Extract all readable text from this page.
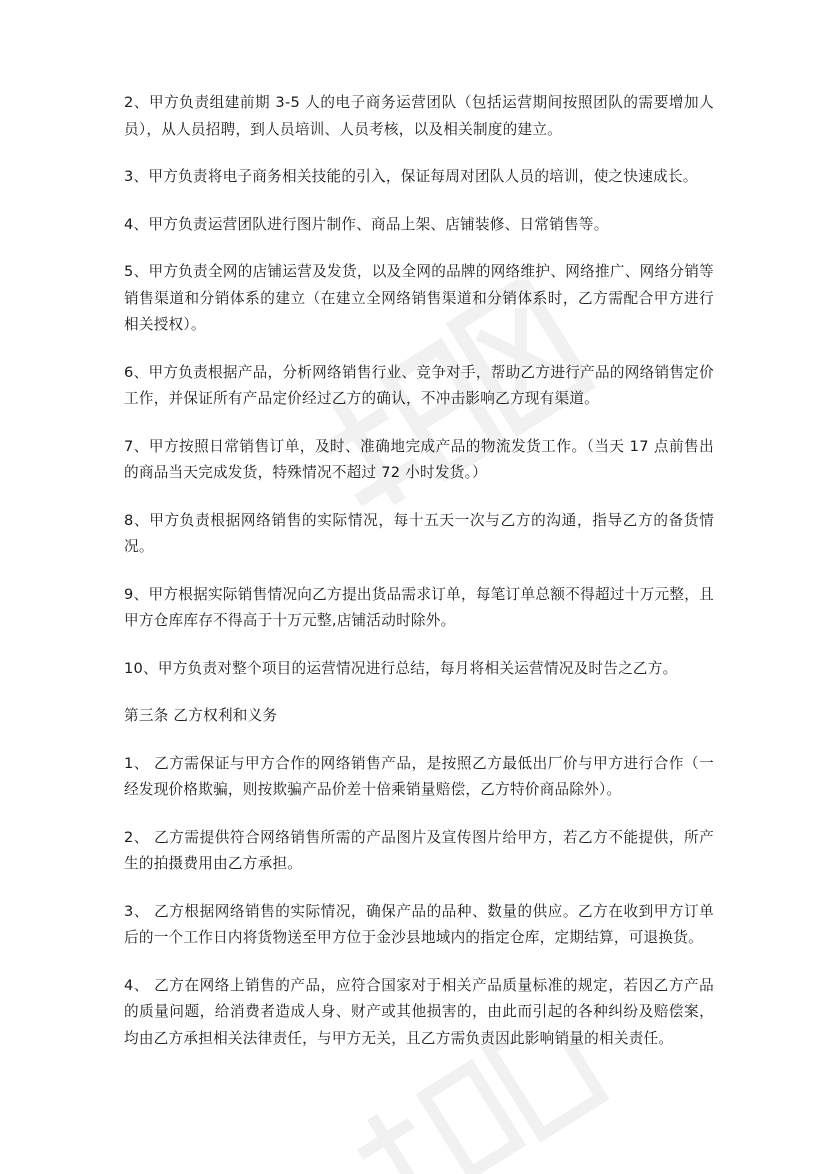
2、甲方负责组建前期 3-5 人的电子商务运营团队（包括运营期间按照团队的需要增加人员），从人员招聘，到人员培训、人员考核，以及相关制度的建立。

3、甲方负责将电子商务相关技能的引入，保证每周对团队人员的培训，使之快速成长。

4、甲方负责运营团队进行图片制作、商品上架、店铺装修、日常销售等。

5、甲方负责全网的店铺运营及发货，以及全网的品牌的网络维护、网络推广、网络分销等销售渠道和分销体系的建立（在建立全网络销售渠道和分销体系时，乙方需配合甲方进行相关授权）。

6、甲方负责根据产品，分析网络销售行业、竞争对手，帮助乙方进行产品的网络销售定价工作，并保证所有产品定价经过乙方的确认，不冲击影响乙方现有渠道。

7、甲方按照日常销售订单，及时、准确地完成产品的物流发货工作。（当天 17 点前售出的商品当天完成发货，特殊情况不超过 72 小时发货。）

8、甲方负责根据网络销售的实际情况，每十五天一次与乙方的沟通，指导乙方的备货情况。

9、甲方根据实际销售情况向乙方提出货品需求订单，每笔订单总额不得超过十万元整，且甲方仓库库存不得高于十万元整,店铺活动时除外。

10、甲方负责对整个项目的运营情况进行总结，每月将相关运营情况及时告之乙方。

第三条 乙方权利和义务

1、 乙方需保证与甲方合作的网络销售产品，是按照乙方最低出厂价与甲方进行合作（一经发现价格欺骗，则按欺骗产品价差十倍乘销量赔偿，乙方特价商品除外）。

2、 乙方需提供符合网络销售所需的产品图片及宣传图片给甲方，若乙方不能提供，所产生的拍摄费用由乙方承担。

3、 乙方根据网络销售的实际情况，确保产品的品种、数量的供应。乙方在收到甲方订单后的一个工作日内将货物送至甲方位于金沙县地域内的指定仓库，定期结算，可退换货。

4、 乙方在网络上销售的产品，应符合国家对于相关产品质量标准的规定，若因乙方产品的质量问题，给消费者造成人身、财产或其他损害的，由此而引起的各种纠纷及赔偿案，均由乙方承担相关法律责任，与甲方无关，且乙方需负责因此影响销量的相关责任。
